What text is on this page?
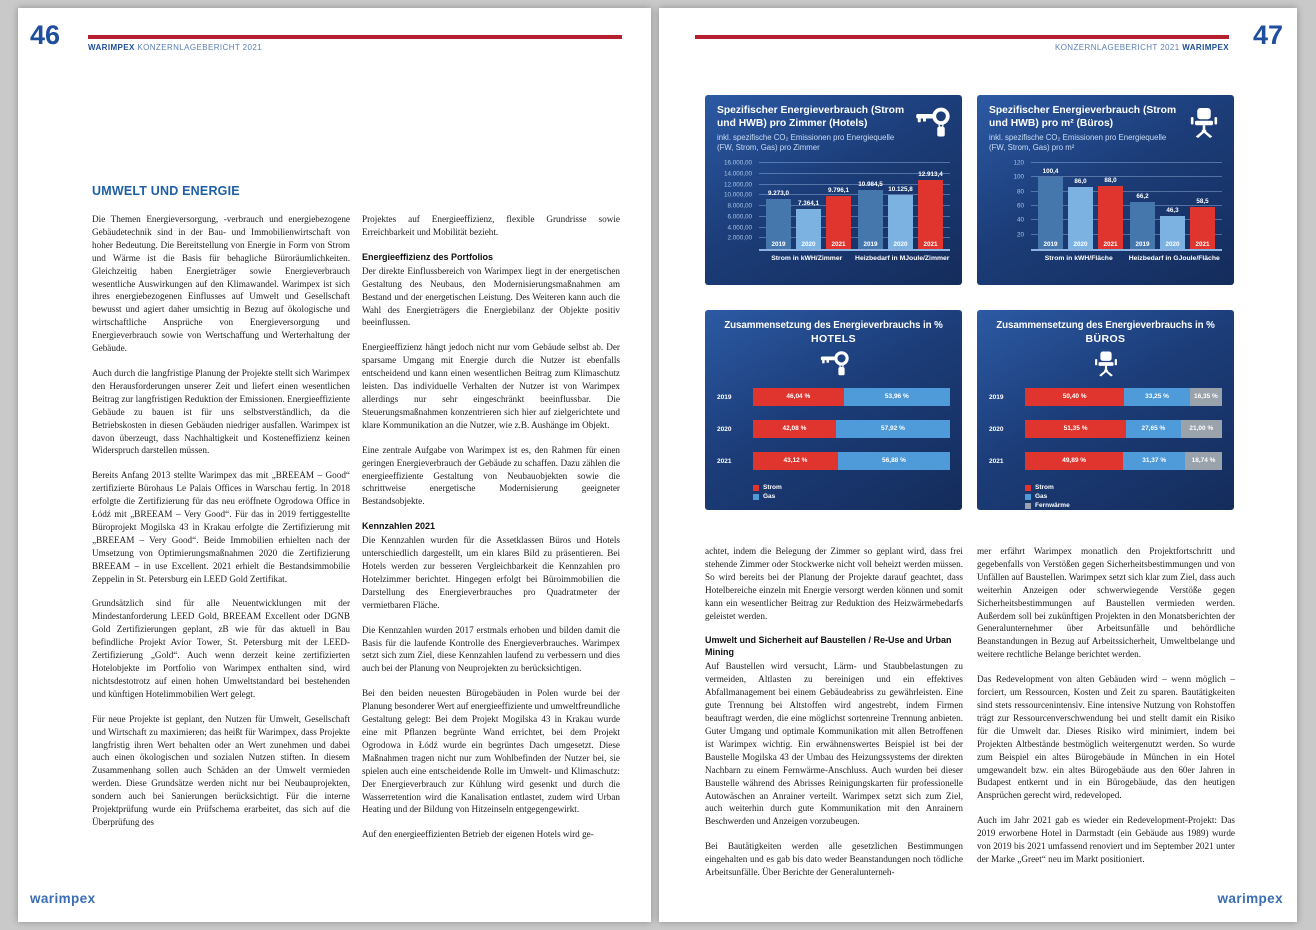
46	WARIMPEX KONZERNLAGEBERICHT 2021
UMWELT UND ENERGIE
Die Themen Energieversorgung, -verbrauch und energiebezogene Gebäudetechnik sind in der Bau- und Immobilienwirtschaft von hoher Bedeutung. Die Bereitstellung von Energie in Form von Strom und Wärme ist die Basis für behagliche Büroräumlichkeiten. Gleichzeitig haben Energieträger sowie Energieverbrauch wesentliche Auswirkungen auf den Klimawandel. Warimpex ist sich ihres energiebezogenen Einflusses auf Umwelt und Gesellschaft bewusst und agiert daher umsichtig in Bezug auf ökologische und wirtschaftliche Ansprüche von Energieversorgung und Energieverbrauch sowie von Wertschaffung und Werterhaltung der Gebäude.
Auch durch die langfristige Planung der Projekte stellt sich Warimpex den Herausforderungen unserer Zeit und liefert einen wesentlichen Beitrag zur langfristigen Reduktion der Emissionen. Energieeffiziente Gebäude zu bauen ist für uns selbstverständlich, da die Betriebskosten in diesen Gebäuden niedriger ausfallen. Warimpex ist davon überzeugt, dass Nachhaltigkeit und Kosteneffizienz keinen Widerspruch darstellen müssen.
Bereits Anfang 2013 stellte Warimpex das mit „BREEAM – Good“ zertifizierte Bürohaus Le Palais Offices in Warschau fertig. In 2018 erfolgte die Zertifizierung für das neu eröffnete Ogrodowa Office in Łódź mit „BREEAM – Very Good“. Für das in 2019 fertiggestellte Büroprojekt Mogilska 43 in Krakau erfolgte die Zertifizierung mit „BREEAM – Very Good“. Beide Immobilien erhielten nach der Umsetzung von Optimierungsmaßnahmen 2020 die Zertifizierung BREEAM – in use Excellent. 2021 erhielt die Bestandsimmobilie Zeppelin in St. Petersburg ein LEED Gold Zertifikat.
Grundsätzlich sind für alle Neuentwicklungen mit der Mindestanforderung LEED Gold, BREEAM Excellent oder DGNB Gold Zertifizierungen geplant, zB wie für das aktuell in Bau befindliche Projekt Avior Tower, St. Petersburg mit der LEED-Zertifizierung „Gold“. Auch wenn derzeit keine zertifizierten Hotelobjekte im Portfolio von Warimpex enthalten sind, wird nichtsdestotrotz auf einen hohen Umweltstandard bei bestehenden und künftigen Hotelimmobilien Wert gelegt.
Für neue Projekte ist geplant, den Nutzen für Umwelt, Gesellschaft und Wirtschaft zu maximieren; das heißt für Warimpex, dass Projekte langfristig ihren Wert behalten oder an Wert zunehmen und dabei auch einen ökologischen und sozialen Nutzen stiften. In diesem Zusammenhang sollen auch Schäden an der Umwelt vermieden werden. Diese Grundsätze werden nicht nur bei Neubauprojekten, sondern auch bei Sanierungen berücksichtigt. Für die interne Projektprüfung wurde ein Prüfschema erarbeitet, das sich auf die Überprüfung des
Projektes auf Energieeffizienz, flexible Grundrisse sowie Erreichbarkeit und Mobilität bezieht.
Energieeffizienz des Portfolios
Der direkte Einflussbereich von Warimpex liegt in der energetischen Gestaltung des Neubaus, den Modernisierungsmaßnahmen am Bestand und der energetischen Leistung. Des Weiteren kann auch die Wahl des Energieträgers die Energiebilanz der Objekte positiv beeinflussen.
Energieeffizienz hängt jedoch nicht nur vom Gebäude selbst ab. Der sparsame Umgang mit Energie durch die Nutzer ist ebenfalls entscheidend und kann einen wesentlichen Beitrag zum Klimaschutz leisten. Das individuelle Verhalten der Nutzer ist von Warimpex allerdings nur sehr eingeschränkt beeinflussbar. Die Steuerungsmaßnahmen konzentrieren sich hier auf zielgerichtete und klare Kommunikation an die Nutzer, wie z.B. Aushänge im Objekt.
Eine zentrale Aufgabe von Warimpex ist es, den Rahmen für einen geringen Energieverbrauch der Gebäude zu schaffen. Dazu zählen die energieeffiziente Gestaltung von Neubauobjekten sowie die schrittweise energetische Modernisierung geeigneter Bestandsobjekte.
Kennzahlen 2021
Die Kennzahlen wurden für die Assetklassen Büros und Hotels unterschiedlich dargestellt, um ein klares Bild zu präsentieren. Bei Hotels werden zur besseren Vergleichbarkeit die Kennzahlen pro Hotelzimmer berichtet. Hingegen erfolgt bei Büroimmobilien die Darstellung des Energieverbrauches pro Quadratmeter der vermietbaren Fläche.
Die Kennzahlen wurden 2017 erstmals erhoben und bilden damit die Basis für die laufende Kontrolle des Energieverbrauches. Warimpex setzt sich zum Ziel, diese Kennzahlen laufend zu verbessern und dies auch bei der Planung von Neuprojekten zu berücksichtigen.
Bei den beiden neuesten Bürogebäuden in Polen wurde bei der Planung besonderer Wert auf energieeffiziente und umweltfreundliche Gestaltung gelegt: Bei dem Projekt Mogilska 43 in Krakau wurde eine mit Pflanzen begrünte Wand errichtet, bei dem Projekt Ogrodowa in Łódź wurde ein begrüntes Dach umgesetzt. Diese Maßnahmen tragen nicht nur zum Wohlbefinden der Nutzer bei, sie spielen auch eine entscheidende Rolle im Umwelt- und Klimaschutz: Der Energieverbrauch zur Kühlung wird gesenkt und durch die Wasserretention wird die Kanalisation entlastet, zudem wird Urban Heating und der Bildung von Hitzeinseln entgegengewirkt.
Auf den energieeffizienten Betrieb der eigenen Hotels wird ge-
warimpex
47
KONZERNLAGEBERICHT 2021 WARIMPEX
Spezifischer Energieverbrauch (Strom und HWB) pro Zimmer (Hotels)
inkl. spezifische CO₂ Emissionen pro Energiequelle (FW, Strom, Gas) pro Zimmer
16.000,00
14.000,00
12.000,00
10.000,00
8.000,00
6.000,00
4.000,00
2.000,00
9.273,0
2019
7.364,1
2020
9.796,1
2021
10.984,5
2019
10.125,8
2020
12.913,4
2021
Strom in kWH/Zimmer	Heizbedarf in MJoule/Zimmer
Spezifischer Energieverbrauch (Strom und HWB) pro m² (Büros)
inkl. spezifische CO₂ Emissionen pro Energiequelle (FW, Strom, Gas) pro m²
120
100
80
60
40
20
100,4
2019
86,0
2020
88,0
2021
66,2
2019
46,3
2020
58,5
2021
Strom in kWH/Fläche	Heizbedarf in GJoule/Fläche
Zusammensetzung des Energieverbrauchs in %
HOTELS
2019	46,04 %	53,96 %
2020	42,08 %	57,92 %
2021	43,12 %	56,88 %
Strom
Gas
Zusammensetzung des Energieverbrauchs in %
BÜROS
2019	50,40 %	33,25 %	16,35 %
2020	51,35 %	27,65 %	21,00 %
2021	49,89 %	31,37 %	18,74 %
Strom
Gas
Fernwärme
achtet, indem die Belegung der Zimmer so geplant wird, dass frei stehende Zimmer oder Stockwerke nicht voll beheizt werden müssen. So wird bereits bei der Planung der Projekte darauf geachtet, dass Hotelbereiche einzeln mit Energie versorgt werden können und somit kann ein wesentlicher Beitrag zur Reduktion des Heizwärmebedarfs geleistet werden.
Umwelt und Sicherheit auf Baustellen / Re-Use and Urban Mining
Auf Baustellen wird versucht, Lärm- und Staubbelastungen zu vermeiden, Altlasten zu bereinigen und ein effektives Abfallmanagement bei einem Gebäudeabriss zu gewährleisten. Eine gute Trennung bei Altstoffen wird angestrebt, indem Firmen beauftragt werden, die eine möglichst sortenreine Trennung anbieten. Guter Umgang und optimale Kommunikation mit allen Betroffenen ist Warimpex wichtig. Ein erwähnenswertes Beispiel ist bei der Baustelle Mogilska 43 der Umbau des Heizungssystems der direkten Nachbarn zu einem Fernwärme-Anschluss. Auch wurden bei dieser Baustelle während des Abrisses Reinigungskarten für professionelle Autowäschen an Anrainer verteilt. Warimpex setzt sich zum Ziel, auch weiterhin durch gute Kommunikation mit den Anrainern Beschwerden und Anzeigen vorzubeugen.
Bei Bautätigkeiten werden alle gesetzlichen Bestimmungen eingehalten und es gab bis dato weder Beanstandungen noch tödliche Arbeitsunfälle. Über Berichte der Generalunterneh-
mer erfährt Warimpex monatlich den Projektfortschritt und gegebenfalls von Verstößen gegen Sicherheitsbestimmungen und von Unfällen auf Baustellen. Warimpex setzt sich klar zum Ziel, dass auch weiterhin Anzeigen oder schwerwiegende Verstöße gegen Sicherheitsbestimmungen auf Baustellen vermieden werden. Außerdem soll bei zukünftigen Projekten in den Monatsberichten der Generalunternehmer über Arbeitsunfälle und behördliche Beanstandungen in Bezug auf Arbeitssicherheit, Umweltbelange und weitere rechtliche Belange berichtet werden.
Das Redevelopment von alten Gebäuden wird – wenn möglich – forciert, um Ressourcen, Kosten und Zeit zu sparen. Bautätigkeiten sind stets ressourcenintensiv. Eine intensive Nutzung von Rohstoffen trägt zur Ressourcenverschwendung bei und stellt damit ein Risiko für die Umwelt dar. Dieses Risiko wird minimiert, indem bei Projekten Altbestände bestmöglich weitergenutzt werden. So wurde zum Beispiel ein altes Bürogebäude in München in ein Hotel umgewandelt bzw. ein altes Bürogebäude aus den 60er Jahren in Budapest entkernt und in ein Bürogebäude, das den heutigen Ansprüchen gerecht wird, redeveloped.
Auch im Jahr 2021 gab es wieder ein Redevelopment-Projekt: Das 2019 erworbene Hotel in Darmstadt (ein Gebäude aus 1989) wurde von 2019 bis 2021 umfassend renoviert und im September 2021 unter der Marke „Greet“ neu im Markt positioniert.
warimpex
